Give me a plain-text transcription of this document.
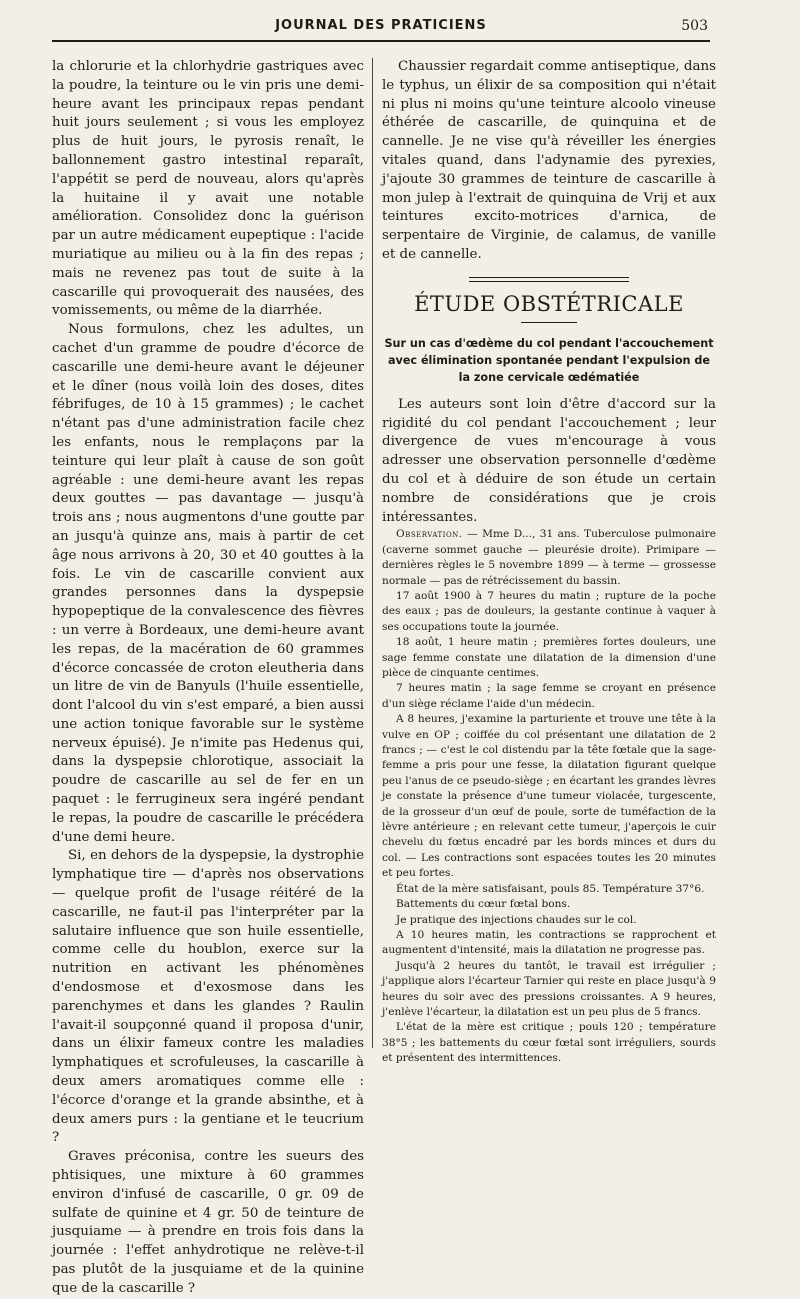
JOURNAL DES PRATICIENS	503

la chlorurie et la chlorhydrie gastriques avec la poudre, la teinture ou le vin pris une demi-heure avant les principaux repas pendant huit jours seulement ; si vous les employez plus de huit jours, le pyrosis renaît, le ballonnement gastro intestinal reparaît, l'appétit se perd de nouveau, alors qu'après la huitaine il y avait une notable amélioration. Consolidez donc la guérison par un autre médicament eupeptique : l'acide muriatique au milieu ou à la fin des repas ; mais ne revenez pas tout de suite à la cascarille qui provoquerait des nausées, des vomissements, ou même de la diarrhée.

Nous formulons, chez les adultes, un cachet d'un gramme de poudre d'écorce de cascarille une demi-heure avant le déjeuner et le dîner (nous voilà loin des doses, dites fébrifuges, de 10 à 15 grammes) ; le cachet n'étant pas d'une administration facile chez les enfants, nous le remplaçons par la teinture qui leur plaît à cause de son goût agréable : une demi-heure avant les repas deux gouttes — pas davantage — jusqu'à trois ans ; nous augmentons d'une goutte par an jusqu'à quinze ans, mais à partir de cet âge nous arrivons à 20, 30 et 40 gouttes à la fois. Le vin de cascarille convient aux grandes personnes dans la dyspepsie hypopeptique de la convalescence des fièvres : un verre à Bordeaux, une demi-heure avant les repas, de la macération de 60 grammes d'écorce concassée de croton eleutheria dans un litre de vin de Banyuls (l'huile essentielle, dont l'alcool du vin s'est emparé, a bien aussi une action tonique favorable sur le système nerveux épuisé). Je n'imite pas Hedenus qui, dans la dyspepsie chlorotique, associait la poudre de cascarille au sel de fer en un paquet : le ferrugineux sera ingéré pendant le repas, la poudre de cascarille le précédera d'une demi heure.

Si, en dehors de la dyspepsie, la dystrophie lymphatique tire — d'après nos observations — quelque profit de l'usage réitéré de la cascarille, ne faut-il pas l'interpréter par la salutaire influence que son huile essentielle, comme celle du houblon, exerce sur la nutrition en activant les phénomènes d'endosmose et d'exosmose dans les parenchymes et dans les glandes ? Raulin l'avait-il soupçonné quand il proposa d'unir, dans un élixir fameux contre les maladies lymphatiques et scrofuleuses, la cascarille à deux amers aromatiques comme elle : l'écorce d'orange et la grande absinthe, et à deux amers purs : la gentiane et le teucrium ?

Graves préconisa, contre les sueurs des phtisiques, une mixture à 60 grammes environ d'infusé de cascarille, 0 gr. 09 de sulfate de quinine et 4 gr. 50 de teinture de jusquiame — à prendre en trois fois dans la journée : l'effet anhydrotique ne relève-t-il pas plutôt de la jusquiame et de la quinine que de la cascarille ?

Chaussier regardait comme antiseptique, dans le typhus, un élixir de sa composition qui n'était ni plus ni moins qu'une teinture alcoolo vineuse éthérée de cascarille, de quinquina et de cannelle. Je ne vise qu'à réveiller les énergies vitales quand, dans l'adynamie des pyrexies, j'ajoute 30 grammes de teinture de cascarille à mon julep à l'extrait de quinquina de Vrij et aux teintures excito-motrices d'arnica, de serpentaire de Virginie, de calamus, de vanille et de cannelle.

ÉTUDE OBSTÉTRICALE
Sur un cas d'œdème du col pendant l'accouchement avec élimination spontanée pendant l'expulsion de la zone cervicale œdématiée

Les auteurs sont loin d'être d'accord sur la rigidité du col pendant l'accouchement ; leur divergence de vues m'encourage à vous adresser une observation personnelle d'œdème du col et à déduire de son étude un certain nombre de considérations que je crois intéressantes.

Observation. — Mme D..., 31 ans. Tuberculose pulmonaire (caverne sommet gauche — pleurésie droite). Primipare — dernières règles le 5 novembre 1899 — à terme — grossesse normale — pas de rétrécissement du bassin.

17 août 1900 à 7 heures du matin ; rupture de la poche des eaux ; pas de douleurs, la gestante continue à vaquer à ses occupations toute la journée.

18 août, 1 heure matin ; premières fortes douleurs, une sage femme constate une dilatation de la dimension d'une pièce de cinquante centimes.

7 heures matin ; la sage femme se croyant en présence d'un siège réclame l'aide d'un médecin.

A 8 heures, j'examine la parturiente et trouve une tête à la vulve en OP ; coiffée du col présentant une dilatation de 2 francs ; — c'est le col distendu par la tête fœtale que la sage-femme a pris pour une fesse, la dilatation figurant quelque peu l'anus de ce pseudo-siège ; en écartant les grandes lèvres je constate la présence d'une tumeur violacée, turgescente, de la grosseur d'un œuf de poule, sorte de tuméfaction de la lèvre antérieure ; en relevant cette tumeur, j'aperçois le cuir chevelu du fœtus encadré par les bords minces et durs du col. — Les contractions sont espacées toutes les 20 minutes et peu fortes.

État de la mère satisfaisant, pouls 85. Température 37°6.

Battements du cœur fœtal bons.

Je pratique des injections chaudes sur le col.

A 10 heures matin, les contractions se rapprochent et augmentent d'intensité, mais la dilatation ne progresse pas.

Jusqu'à 2 heures du tantôt, le travail est irrégulier ; j'applique alors l'écarteur Tarnier qui reste en place jusqu'à 9 heures du soir avec des pressions croissantes. A 9 heures, j'enlève l'écarteur, la dilatation est un peu plus de 5 francs.

L'état de la mère est critique ; pouls 120 ; température 38°5 ; les battements du cœur fœtal sont irréguliers, sourds et présentent des intermittences.
